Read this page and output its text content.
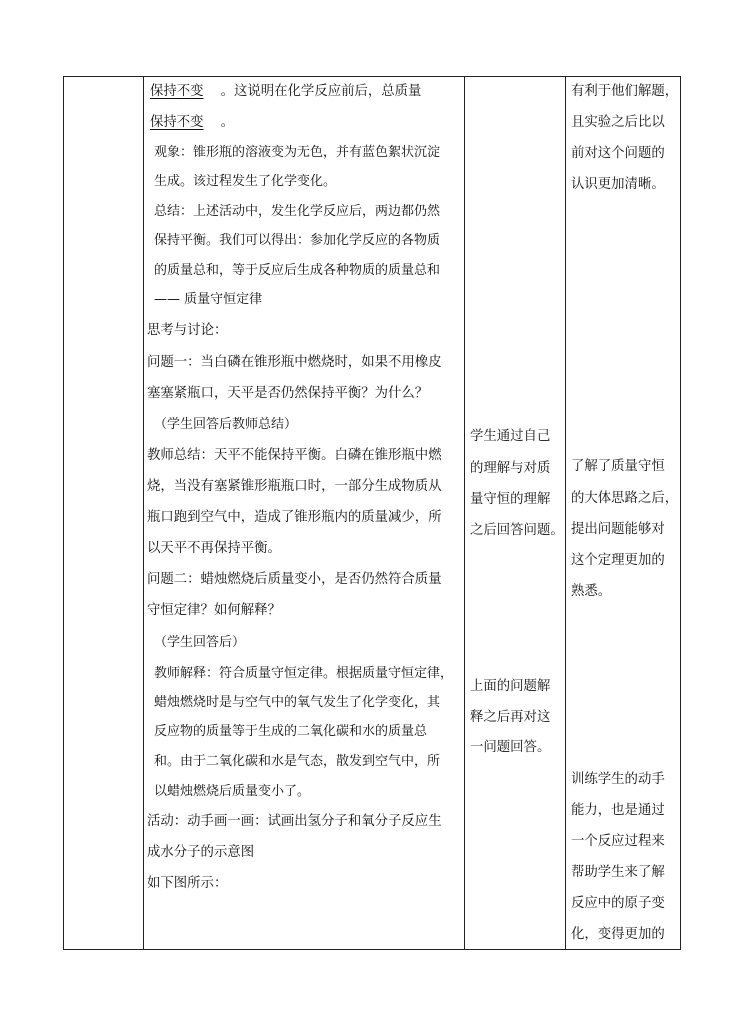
保持不变 。这说明在化学反应前后，总质量
保持不变 。
观象：锥形瓶的溶液变为无色，并有蓝色絮状沉淀
生成。该过程发生了化学变化。
总结：上述活动中，发生化学反应后，两边都仍然
保持平衡。我们可以得出：参加化学反应的各物质
的质量总和，等于反应后生成各种物质的质量总和
—— 质量守恒定律
思考与讨论：
问题一：当白磷在锥形瓶中燃烧时，如果不用橡皮
塞塞紧瓶口，天平是否仍然保持平衡？为什么？
（学生回答后教师总结）
教师总结：天平不能保持平衡。白磷在锥形瓶中燃
烧，当没有塞紧锥形瓶瓶口时，一部分生成物质从
瓶口跑到空气中，造成了锥形瓶内的质量减少，所
以天平不再保持平衡。
问题二：蜡烛燃烧后质量变小，是否仍然符合质量
守恒定律？如何解释？
（学生回答后）
教师解释：符合质量守恒定律。根据质量守恒定律，
蜡烛燃烧时是与空气中的氧气发生了化学变化，其
反应物的质量等于生成的二氧化碳和水的质量总
和。由于二氧化碳和水是气态，散发到空气中，所
以蜡烛燃烧后质量变小了。
活动：动手画一画：试画出氢分子和氧分子反应生
成水分子的示意图
如下图所示：
学生通过自己
的理解与对质
量守恒的理解
之后回答问题。
上面的问题解
释之后再对这
一问题回答。
有利于他们解题，
且实验之后比以
前对这个问题的
认识更加清晰。
了解了质量守恒
的大体思路之后，
提出问题能够对
这个定理更加的
熟悉。
训练学生的动手
能力，也是通过
一个反应过程来
帮助学生来了解
反应中的原子变
化，变得更加的
